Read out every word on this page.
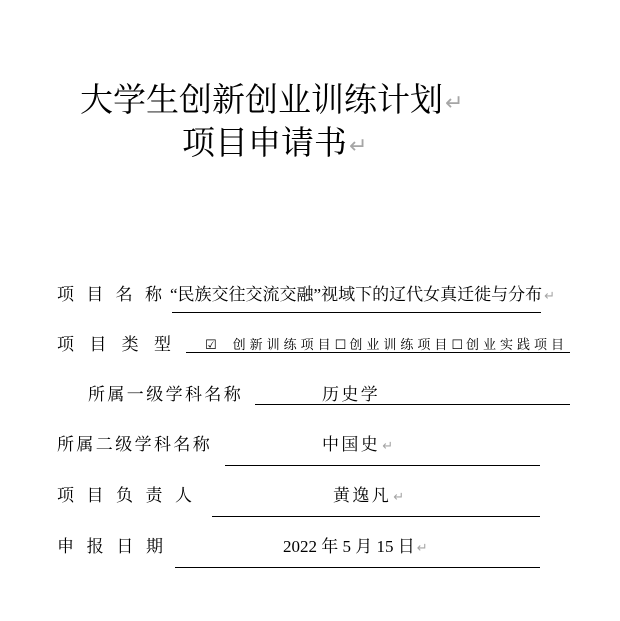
大学生创新创业训练计划↵
项目申请书↵
项 目 名 称 “民族交往交流交融”视域下的辽代女真迁徙与分布 ↵
项 目 类 型	☑ 创新训练项目☐ 创业训练项目☐ 创业实践项目
所属一级学科名称	历史学
所属二级学科名称	中国史 ↵
项 目 负 责 人	黄逸凡 ↵
申 报 日 期	2022 年 5 月 15 日 ↵
